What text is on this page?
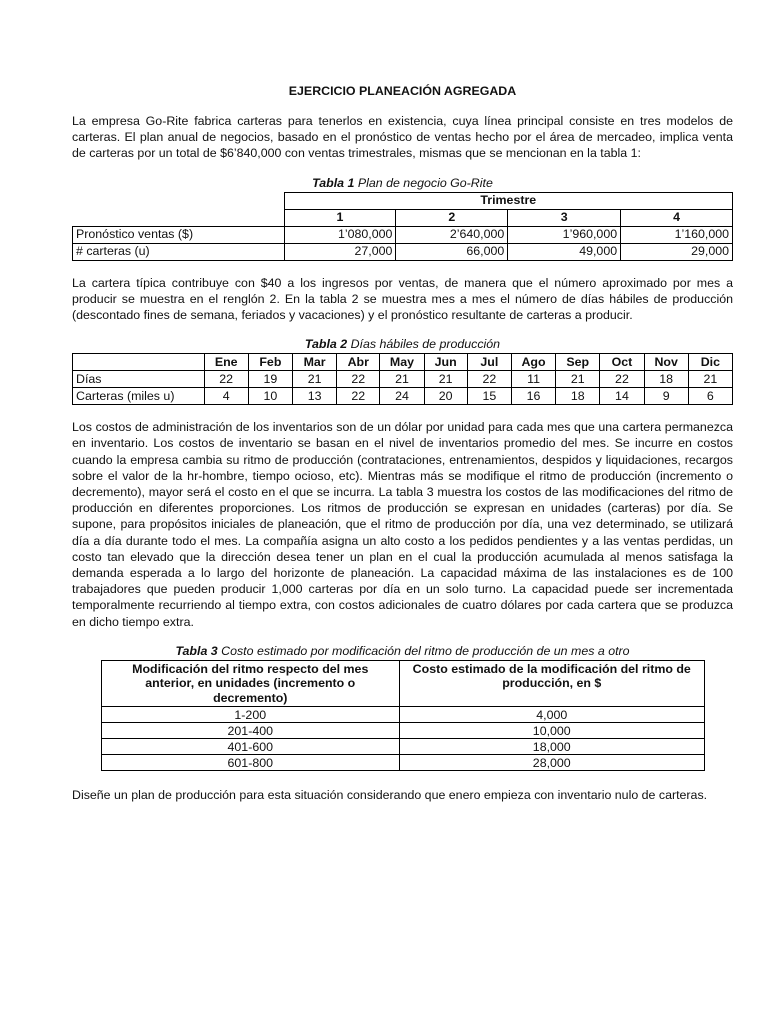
EJERCICIO PLANEACIÓN AGREGADA

La empresa Go-Rite fabrica carteras para tenerlos en existencia, cuya línea principal consiste en tres modelos de carteras. El plan anual de negocios, basado en el pronóstico de ventas hecho por el área de mercadeo, implica venta de carteras por un total de $6’840,000 con ventas trimestrales, mismas que se mencionan en la tabla 1:

Tabla 1 Plan de negocio Go-Rite
	Trimestre			
	1	2	3	4
Pronóstico ventas ($)	1’080,000	2’640,000	1’960,000	1’160,000
# carteras (u)	27,000	66,000	49,000	29,000

La cartera típica contribuye con $40 a los ingresos por ventas, de manera que el número aproximado por mes a producir se muestra en el renglón 2. En la tabla 2 se muestra mes a mes el número de días hábiles de producción (descontado fines de semana, feriados y vacaciones) y el pronóstico resultante de carteras a producir.

Tabla 2 Días hábiles de producción
	Ene	Feb	Mar	Abr	May	Jun	Jul	Ago	Sep	Oct	Nov	Dic
Días	22	19	21	22	21	21	22	11	21	22	18	21
Carteras (miles u)	4	10	13	22	24	20	15	16	18	14	9	6

Los costos de administración de los inventarios son de un dólar por unidad para cada mes que una cartera permanezca en inventario. Los costos de inventario se basan en el nivel de inventarios promedio del mes. Se incurre en costos cuando la empresa cambia su ritmo de producción (contrataciones, entrenamientos, despidos y liquidaciones, recargos sobre el valor de la hr-hombre, tiempo ocioso, etc). Mientras más se modifique el ritmo de producción (incremento o decremento), mayor será el costo en el que se incurra. La tabla 3 muestra los costos de las modificaciones del ritmo de producción en diferentes proporciones. Los ritmos de producción se expresan en unidades (carteras) por día. Se supone, para propósitos iniciales de planeación, que el ritmo de producción por día, una vez determinado, se utilizará día a día durante todo el mes. La compañía asigna un alto costo a los pedidos pendientes y a las ventas perdidas, un costo tan elevado que la dirección desea tener un plan en el cual la producción acumulada al menos satisfaga la demanda esperada a lo largo del horizonte de planeación. La capacidad máxima de las instalaciones es de 100 trabajadores que pueden producir 1,000 carteras por día en un solo turno. La capacidad puede ser incrementada temporalmente recurriendo al tiempo extra, con costos adicionales de cuatro dólares por cada cartera que se produzca en dicho tiempo extra.

Tabla 3 Costo estimado por modificación del ritmo de producción de un mes a otro
Modificación del ritmo respecto del mes anterior, en unidades (incremento o decremento)	Costo estimado de la modificación del ritmo de producción, en $
1-200	4,000
201-400	10,000
401-600	18,000
601-800	28,000

Diseñe un plan de producción para esta situación considerando que enero empieza con inventario nulo de carteras.
